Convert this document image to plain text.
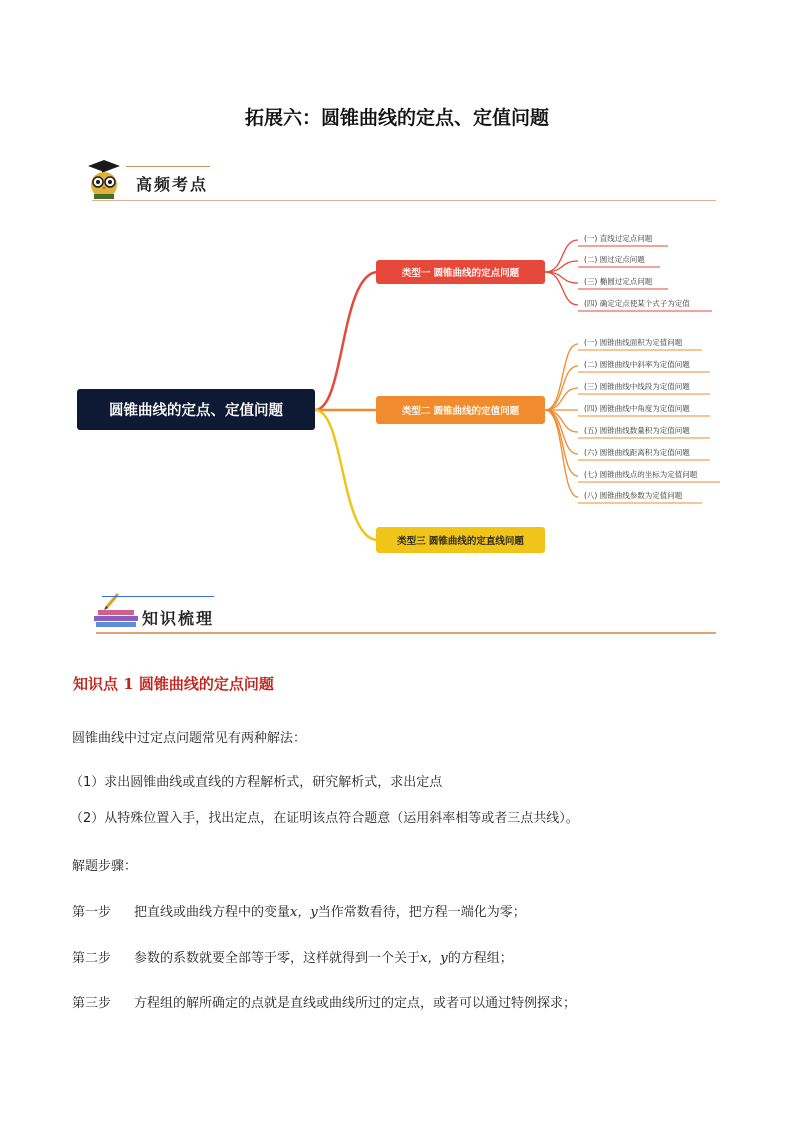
拓展六：圆锥曲线的定点、定值问题
高频考点
类型一 圆锥曲线的定点问题
类型二 圆锥曲线的定值问题
类型三 圆锥曲线的定直线问题
(一) 直线过定点问题
(二) 圆过定点问题
(三) 椭圆过定点问题
(四) 确定定点使某个式子为定值
(一) 圆锥曲线面积为定值问题
(二) 圆锥曲线中斜率为定值问题
(三) 圆锥曲线中线段为定值问题
(四) 圆锥曲线中角度为定值问题
(五) 圆锥曲线数量积为定值问题
(六) 圆锥曲线距离积为定值问题
(七) 圆锥曲线点的坐标为定值问题
(八) 圆锥曲线参数为定值问题
圆锥曲线的定点、定值问题
知识梳理
知识点 1 圆锥曲线的定点问题
圆锥曲线中过定点问题常见有两种解法：
（1）求出圆锥曲线或直线的方程解析式，研究解析式，求出定点
（2）从特殊位置入手，找出定点，在证明该点符合题意（运用斜率相等或者三点共线）。
解题步骤：
第一步 把直线或曲线方程中的变量x，y当作常数看待，把方程一端化为零；
第二步 参数的系数就要全部等于零，这样就得到一个关于x，y的方程组；
第三步 方程组的解所确定的点就是直线或曲线所过的定点，或者可以通过特例探求；
